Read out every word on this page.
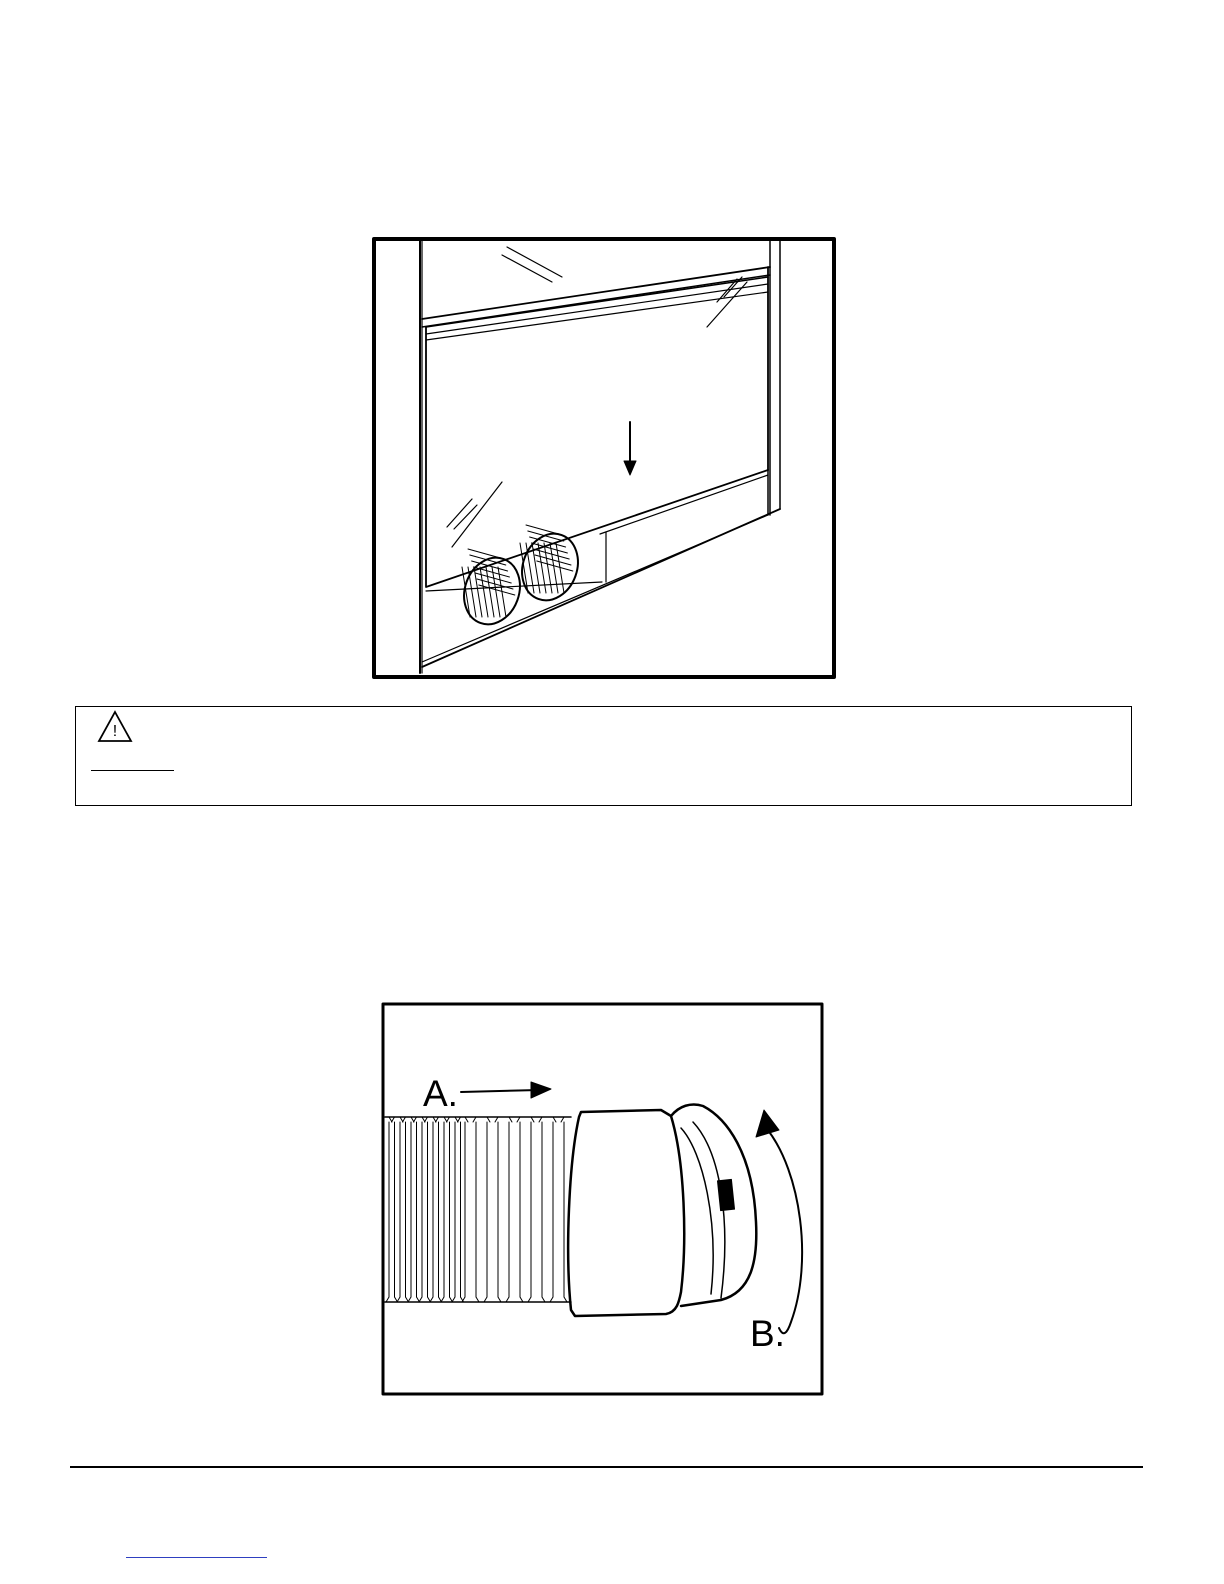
!
A.
B.
